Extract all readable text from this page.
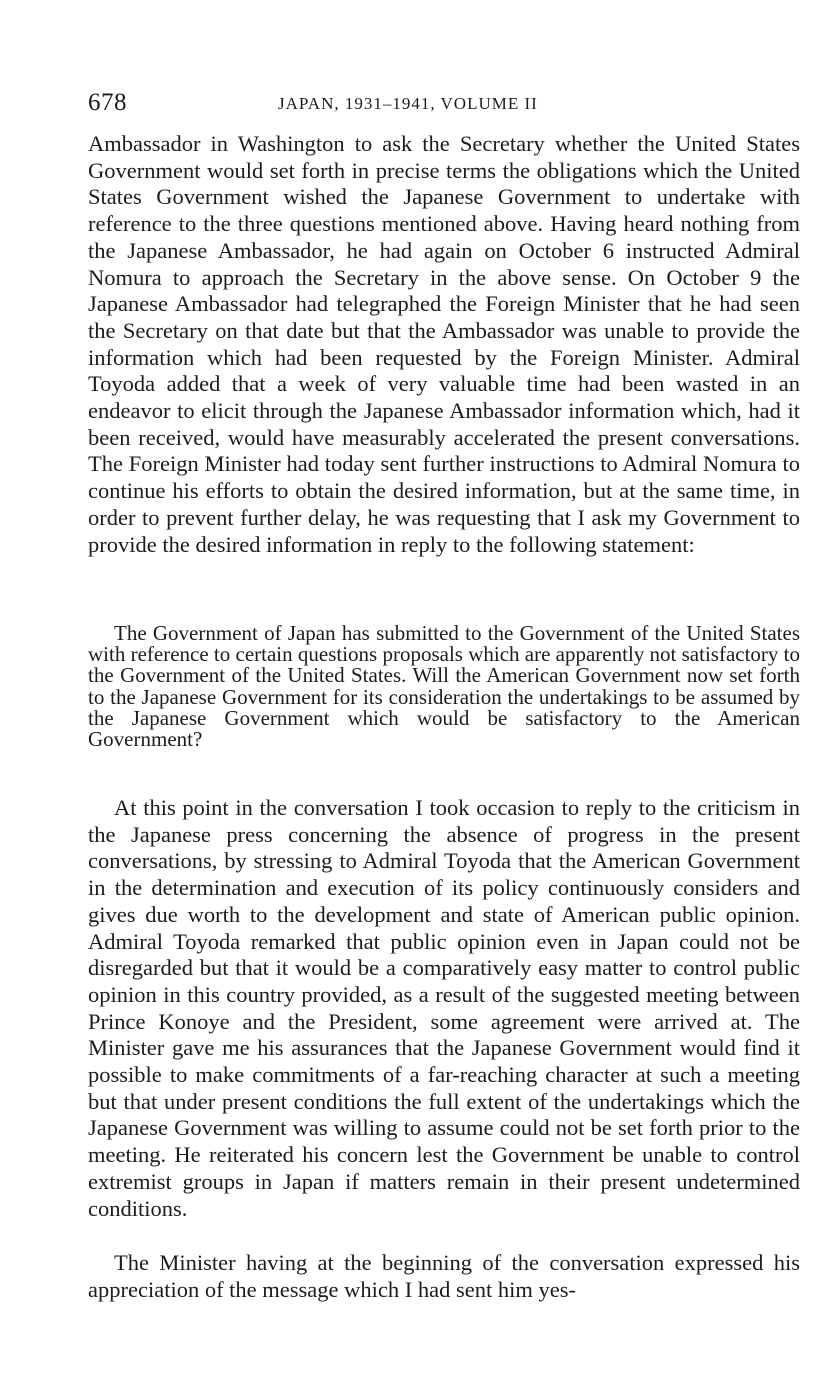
678	JAPAN, 1931–1941, VOLUME II

Ambassador in Washington to ask the Secretary whether the United States Government would set forth in precise terms the obligations which the United States Government wished the Japanese Government to undertake with reference to the three questions mentioned above. Having heard nothing from the Japanese Ambassador, he had again on October 6 instructed Admiral Nomura to approach the Secretary in the above sense. On October 9 the Japanese Ambassador had telegraphed the Foreign Minister that he had seen the Secretary on that date but that the Ambassador was unable to provide the information which had been requested by the Foreign Minister. Admiral Toyoda added that a week of very valuable time had been wasted in an endeavor to elicit through the Japanese Ambassador information which, had it been received, would have measurably accelerated the present conversations. The Foreign Minister had today sent further instructions to Admiral Nomura to continue his efforts to obtain the desired information, but at the same time, in order to prevent further delay, he was requesting that I ask my Government to provide the desired information in reply to the following statement:

The Government of Japan has submitted to the Government of the United States with reference to certain questions proposals which are apparently not satisfactory to the Government of the United States. Will the American Government now set forth to the Japanese Government for its consideration the undertakings to be assumed by the Japanese Government which would be satisfactory to the American Government?

At this point in the conversation I took occasion to reply to the criticism in the Japanese press concerning the absence of progress in the present conversations, by stressing to Admiral Toyoda that the American Government in the determination and execution of its policy continuously considers and gives due worth to the development and state of American public opinion. Admiral Toyoda remarked that public opinion even in Japan could not be disregarded but that it would be a comparatively easy matter to control public opinion in this country provided, as a result of the suggested meeting between Prince Konoye and the President, some agreement were arrived at. The Minister gave me his assurances that the Japanese Government would find it possible to make commitments of a far-reaching character at such a meeting but that under present conditions the full extent of the undertakings which the Japanese Government was willing to assume could not be set forth prior to the meeting. He reiterated his concern lest the Government be unable to control extremist groups in Japan if matters remain in their present undetermined conditions.

The Minister having at the beginning of the conversation expressed his appreciation of the message which I had sent him yes-
